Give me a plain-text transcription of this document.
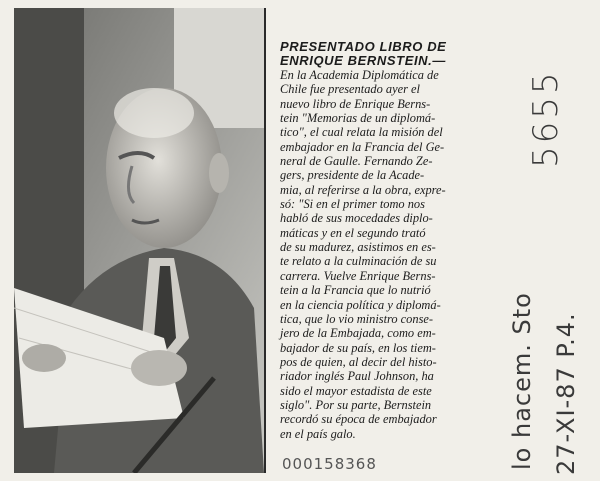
PRESENTADO LIBRO DE

ENRIQUE BERNSTEIN.—

En la Academia Diplomática de

Chile fue presentado ayer el

nuevo libro de Enrique Berns-

tein "Memorias de un diplomá-

tico", el cual relata la misión del

embajador en la Francia del Ge-

neral de Gaulle. Fernando Ze-

gers, presidente de la Acade-

mia, al referirse a la obra, expre-

só: "Si en el primer tomo nos

habló de sus mocedades diplo-

máticas y en el segundo trató

de su madurez, asistimos en es-

te relato a la culminación de su

carrera. Vuelve Enrique Berns-

tein a la Francia que lo nutrió

en la ciencia política y diplomá-

tica, que lo vio ministro conse-

jero de la Embajada, como em-

bajador de su país, en los tiem-

pos de quien, al decir del histo-

riador inglés Paul Johnson, ha

sido el mayor estadista de este

siglo". Por su parte, Bernstein

recordó su época de embajador

en el país galo.

5655
lo hacem. Sto 27-XI-87 P.4.
000158368
